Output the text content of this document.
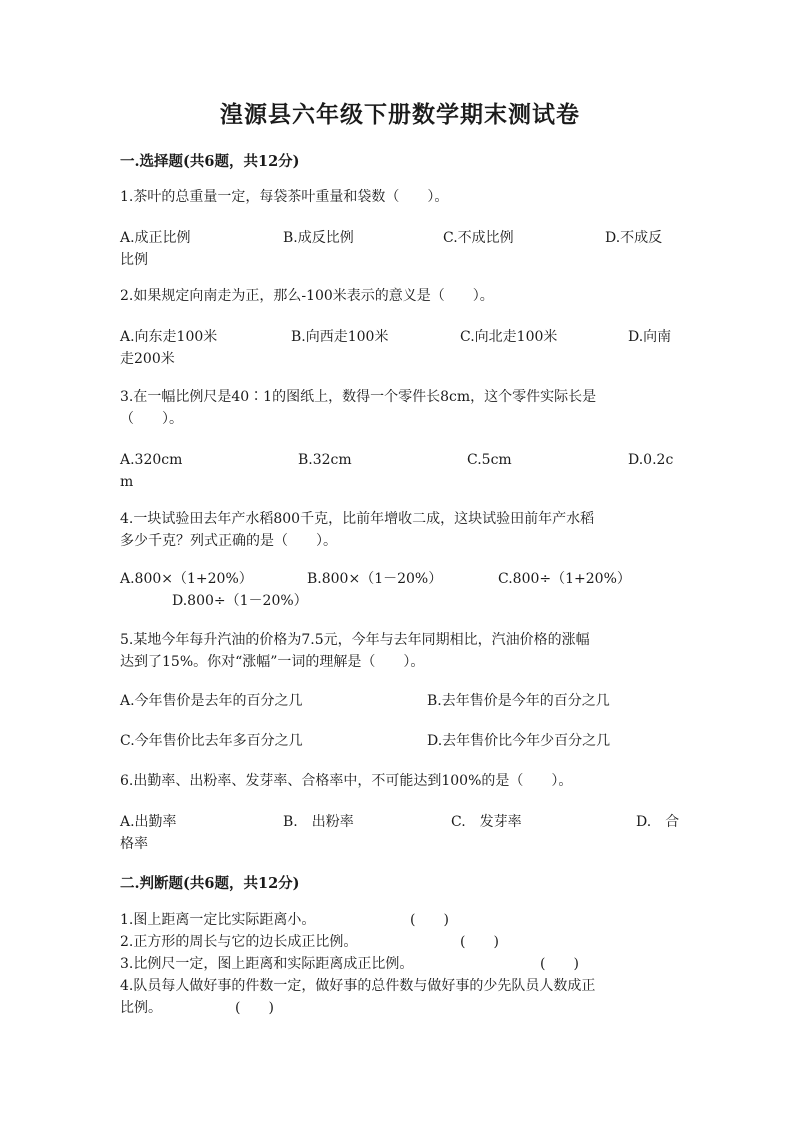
湟源县六年级下册数学期末测试卷
一.选择题(共6题，共12分)
1.茶叶的总重量一定，每袋茶叶重量和袋数（　　）。
A.成正比例	B.成反比例	C.不成比例	D.不成反
比例
2.如果规定向南走为正，那么-100米表示的意义是（　　）。
A.向东走100米	B.向西走100米	C.向北走100米	D.向南
走200米
3.在一幅比例尺是40∶1的图纸上，数得一个零件长8cm，这个零件实际长是
（　　）。
A.320cm	B.32cm	C.5cm	D.0.2c
m
4.一块试验田去年产水稻800千克，比前年增收二成，这块试验田前年产水稻
多少千克？列式正确的是（　　）。
A.800×（1+20%）	B.800×（1－20%）	C.800÷（1+20%）
D.800÷（1－20%）
5.某地今年每升汽油的价格为7.5元，今年与去年同期相比，汽油价格的涨幅
达到了15%。你对“涨幅”一词的理解是（　　）。
A.今年售价是去年的百分之几	B.去年售价是今年的百分之几
C.今年售价比去年多百分之几	D.去年售价比今年少百分之几
6.出勤率、出粉率、发芽率、合格率中，不可能达到100%的是（　　）。
A.出勤率	B.　出粉率	C.　发芽率	D.　合
格率
二.判断题(共6题，共12分)
1.图上距离一定比实际距离小。	(　　)
2.正方形的周长与它的边长成正比例。	(　　)
3.比例尺一定，图上距离和实际距离成正比例。	(　　)
4.队员每人做好事的件数一定，做好事的总件数与做好事的少先队员人数成正
比例。	(　　)
